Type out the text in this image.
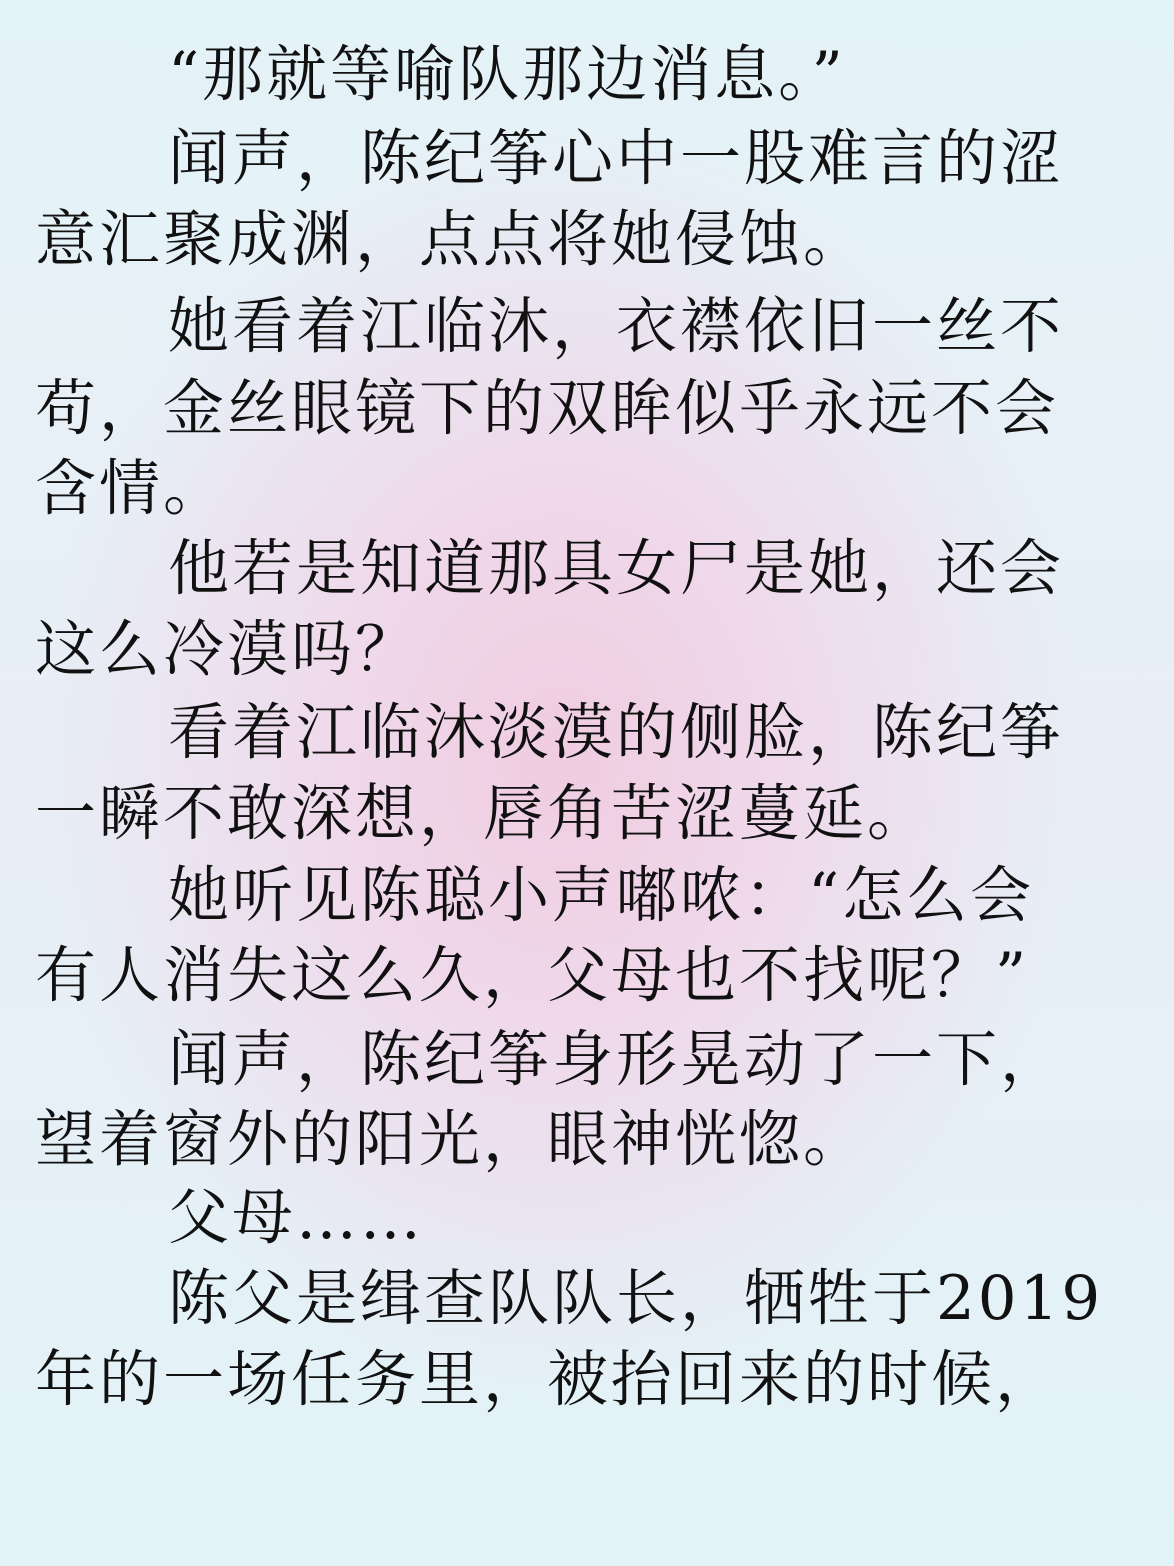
“那就等喻队那边消息。”
闻声，陈纪筝心中一股难言的涩
意汇聚成渊，点点将她侵蚀。
她看着江临沐，衣襟依旧一丝不
苟，金丝眼镜下的双眸似乎永远不会
含情。
他若是知道那具女尸是她，还会
这么冷漠吗？
看着江临沐淡漠的侧脸，陈纪筝
一瞬不敢深想，唇角苦涩蔓延。
她听见陈聪小声嘟哝：“怎么会
有人消失这么久，父母也不找呢？”
闻声，陈纪筝身形晃动了一下，
望着窗外的阳光，眼神恍惚。
父母……
陈父是缉查队队长，牺牲于2019
年的一场任务里，被抬回来的时候，
